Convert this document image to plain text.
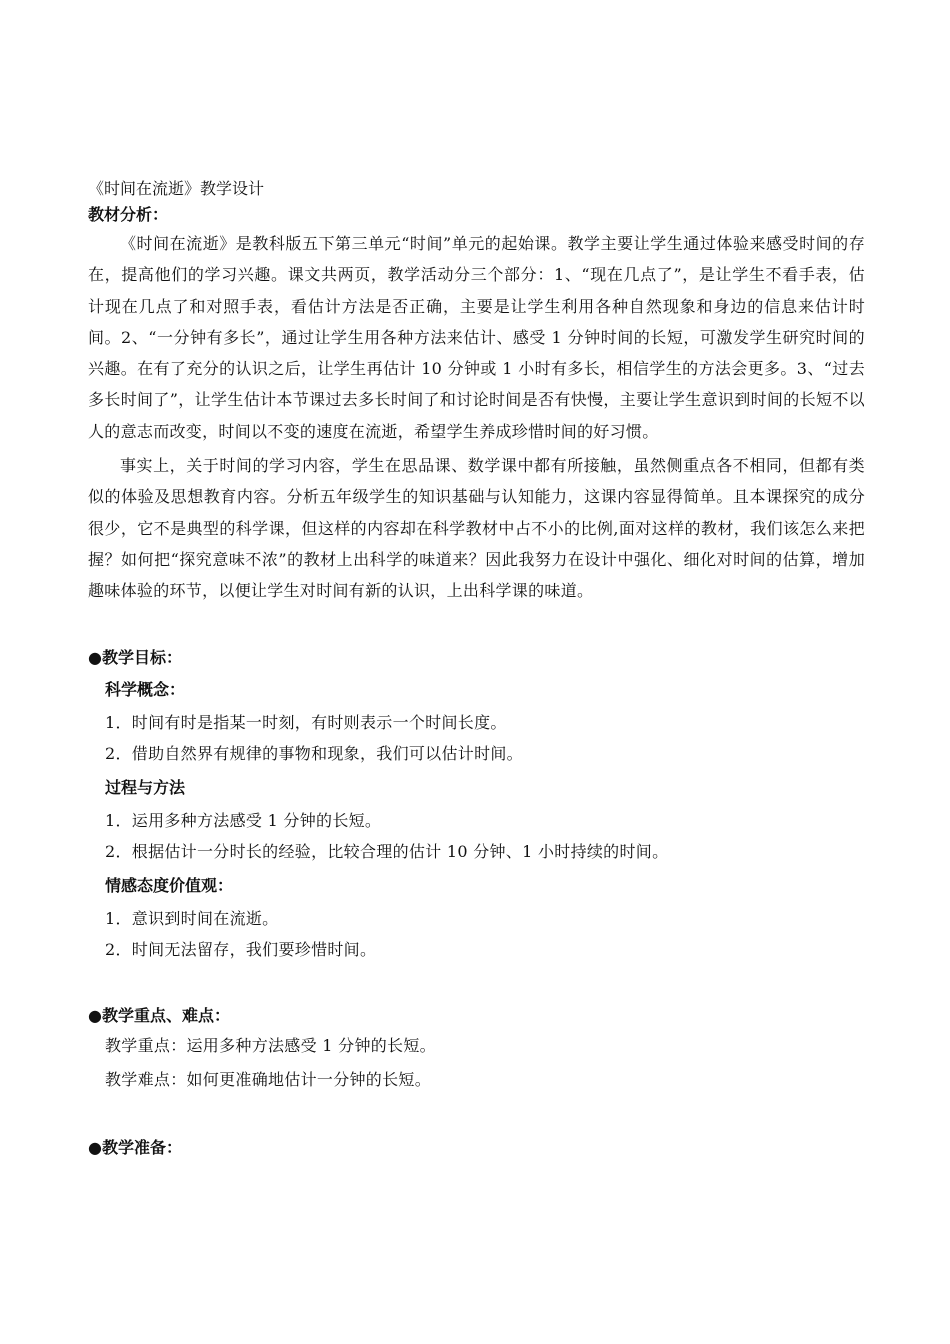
《时间在流逝》教学设计

教材分析：

《时间在流逝》是教科版五下第三单元“时间”单元的起始课。教学主要让学生通过体验来感受时间的存在，提高他们的学习兴趣。课文共两页，教学活动分三个部分：1、“现在几点了”，是让学生不看手表，估计现在几点了和对照手表，看估计方法是否正确，主要是让学生利用各种自然现象和身边的信息来估计时间。2、“一分钟有多长”，通过让学生用各种方法来估计、感受 1 分钟时间的长短，可激发学生研究时间的兴趣。在有了充分的认识之后，让学生再估计 10 分钟或 1 小时有多长，相信学生的方法会更多。3、“过去多长时间了”，让学生估计本节课过去多长时间了和讨论时间是否有快慢，主要让学生意识到时间的长短不以人的意志而改变，时间以不变的速度在流逝，希望学生养成珍惜时间的好习惯。

事实上，关于时间的学习内容，学生在思品课、数学课中都有所接触，虽然侧重点各不相同，但都有类似的体验及思想教育内容。分析五年级学生的知识基础与认知能力，这课内容显得简单。且本课探究的成分很少，它不是典型的科学课，但这样的内容却在科学教材中占不小的比例,面对这样的教材，我们该怎么来把握？如何把“探究意味不浓”的教材上出科学的味道来？因此我努力在设计中强化、细化对时间的估算，增加趣味体验的环节，以便让学生对时间有新的认识，上出科学课的味道。

●教学目标：

科学概念：

1．时间有时是指某一时刻，有时则表示一个时间长度。

2．借助自然界有规律的事物和现象，我们可以估计时间。

过程与方法

1．运用多种方法感受 1 分钟的长短。

2．根据估计一分时长的经验，比较合理的估计 10 分钟、1 小时持续的时间。

情感态度价值观：

1．意识到时间在流逝。

2．时间无法留存，我们要珍惜时间。

●教学重点、难点：

教学重点：运用多种方法感受 1 分钟的长短。

教学难点：如何更准确地估计一分钟的长短。

●教学准备：
